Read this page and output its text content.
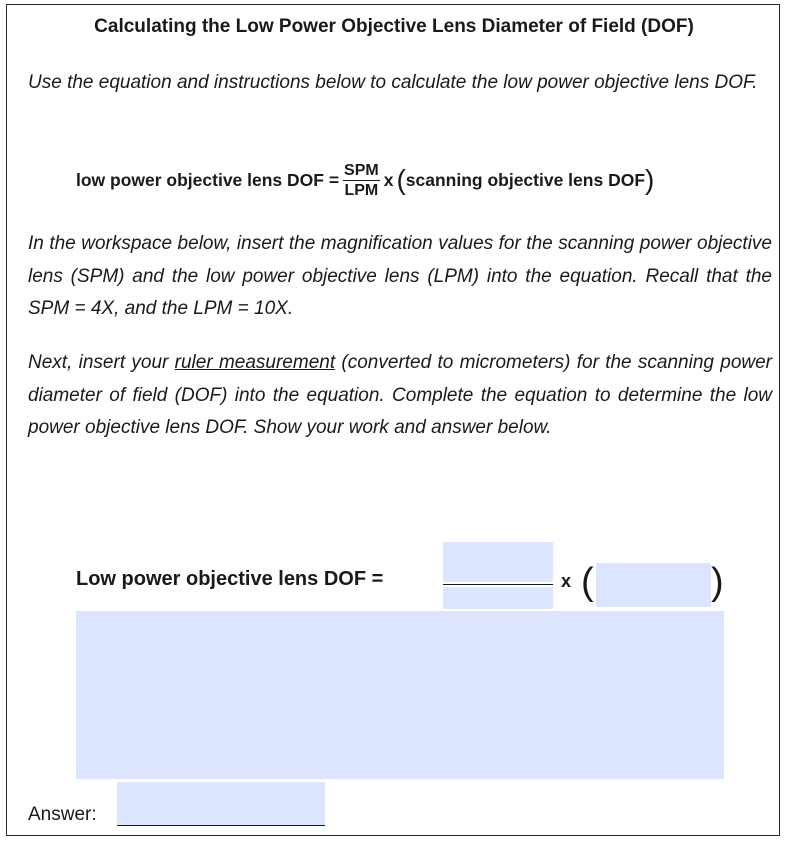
Calculating the Low Power Objective Lens Diameter of Field (DOF)

Use the equation and instructions below to calculate the low power objective lens DOF.

low power objective lens DOF = $\frac{\text{SPM}}{\text{LPM}}$ x ( scanning objective lens DOF )

In the workspace below, insert the magnification values for the scanning power objective lens (SPM) and the low power objective lens (LPM) into the equation. Recall that the SPM = 4X, and the LPM = 10X.

Next, insert your ruler measurement (converted to micrometers) for the scanning power diameter of field (DOF) into the equation. Complete the equation to determine the low power objective lens DOF. Show your work and answer below.

Low power objective lens DOF =	x (	)
Answer:
